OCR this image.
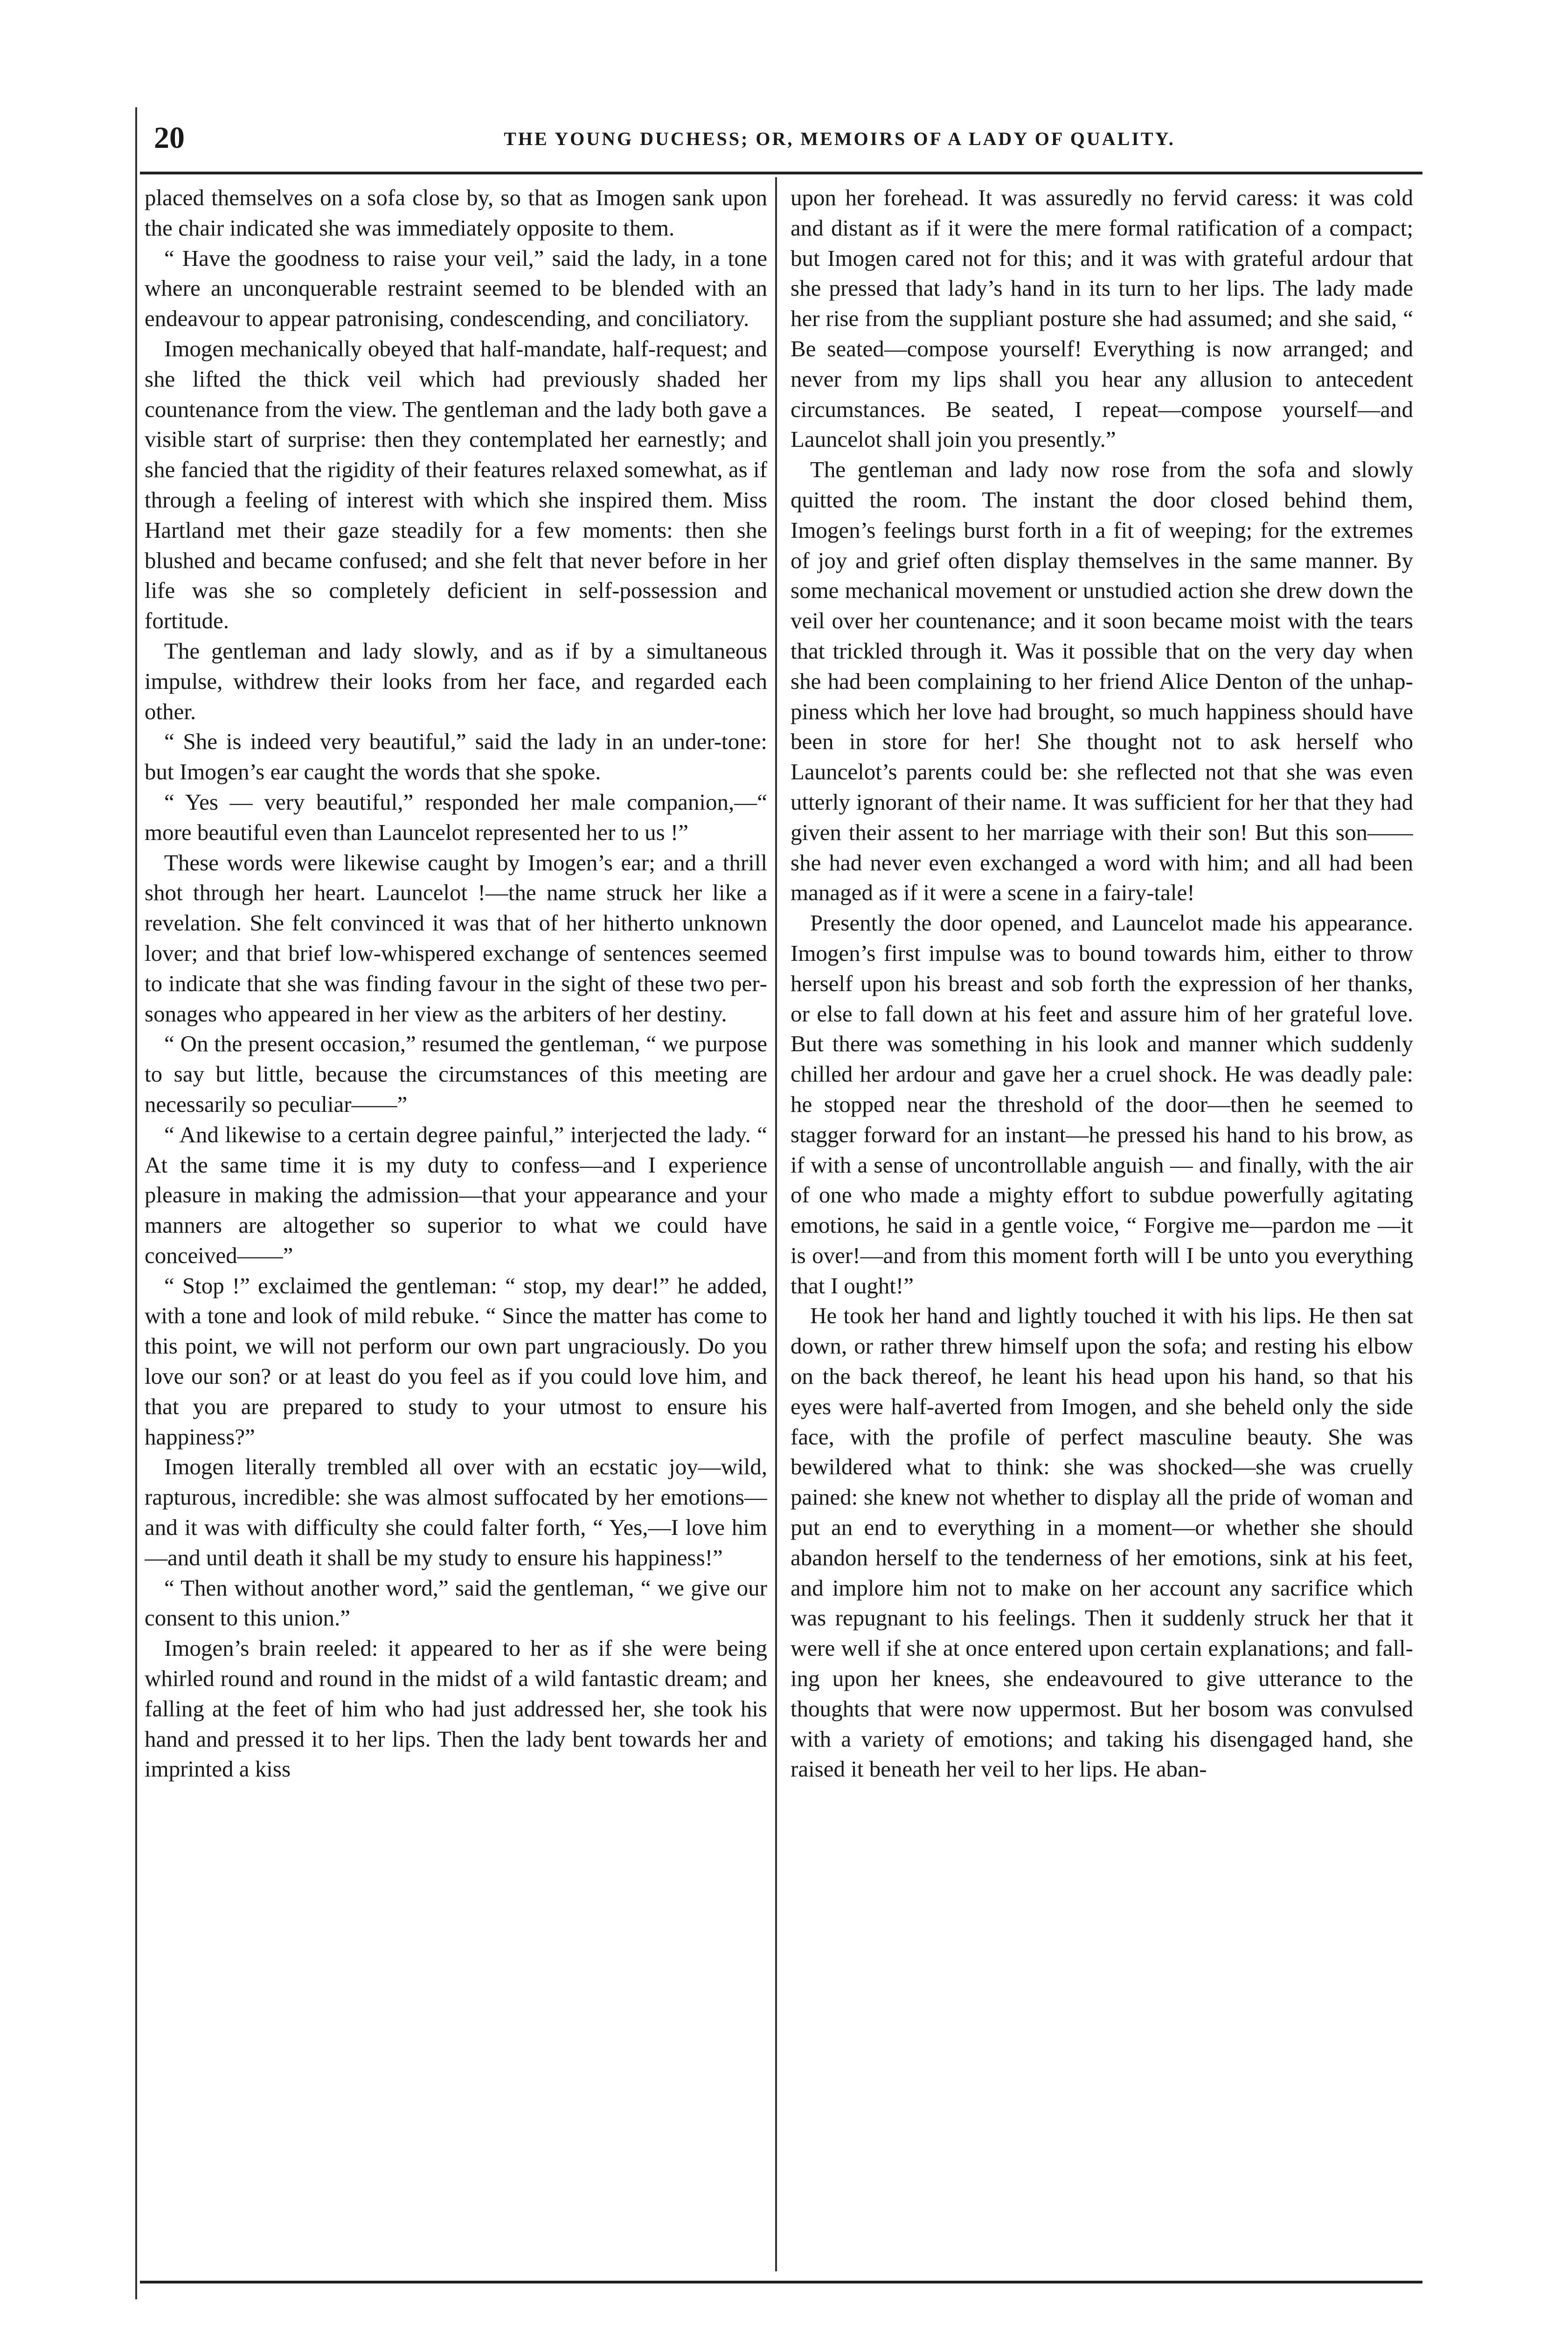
20	THE YOUNG DUCHESS; OR, MEMOIRS OF A LADY OF QUALITY.

placed themselves on a sofa close by, so that as Imogen sank upon the chair indicated she was immediately opposite to them.

“ Have the goodness to raise your veil,” said the lady, in a tone where an unconquerable restraint seemed to be blended with an endeavour to appear patronising, condescending, and conciliatory.

Imogen mechanically obeyed that half-mandate, half-request; and she lifted the thick veil which had previously shaded her countenance from the view. The gentleman and the lady both gave a visible start of surprise: then they contemplated her earnestly; and she fancied that the rigidity of their features relaxed somewhat, as if through a feeling of interest with which she inspired them. Miss Hartland met their gaze steadily for a few moments: then she blushed and became confused; and she felt that never before in her life was she so completely deficient in self-possession and fortitude.

The gentleman and lady slowly, and as if by a simultaneous impulse, withdrew their looks from her face, and regarded each other.

“ She is indeed very beautiful,” said the lady in an under-tone: but Imogen’s ear caught the words that she spoke.

“ Yes — very beautiful,” responded her male companion,—“ more beautiful even than Launcelot represented her to us !”

These words were likewise caught by Imogen’s ear; and a thrill shot through her heart. Launcelot !—the name struck her like a revelation. She felt convinced it was that of her hitherto unknown lover; and that brief low-whispered exchange of sentences seemed to indicate that she was finding favour in the sight of these two personages who appeared in her view as the arbiters of her destiny.

“ On the present occasion,” resumed the gentleman, “ we purpose to say but little, because the circumstances of this meeting are necessarily so peculiar——”

“ And likewise to a certain degree painful,” interjected the lady. “ At the same time it is my duty to confess—and I experience pleasure in making the admission—that your appearance and your manners are altogether so superior to what we could have conceived——”

“ Stop !” exclaimed the gentleman: “ stop, my dear!” he added, with a tone and look of mild rebuke. “ Since the matter has come to this point, we will not perform our own part ungraciously. Do you love our son? or at least do you feel as if you could love him, and that you are prepared to study to your utmost to ensure his happiness?”

Imogen literally trembled all over with an ecstatic joy—wild, rapturous, incredible: she was almost suffocated by her emotions—and it was with difficulty she could falter forth, “ Yes,—I love him—and until death it shall be my study to ensure his happiness!”

“ Then without another word,” said the gentleman, “ we give our consent to this union.”

Imogen’s brain reeled: it appeared to her as if she were being whirled round and round in the midst of a wild fantastic dream; and falling at the feet of him who had just addressed her, she took his hand and pressed it to her lips. Then the lady bent towards her and imprinted a kiss

upon her forehead. It was assuredly no fervid caress: it was cold and distant as if it were the mere formal ratification of a compact; but Imogen cared not for this; and it was with grateful ardour that she pressed that lady’s hand in its turn to her lips. The lady made her rise from the suppliant posture she had assumed; and she said, “ Be seated—compose yourself! Everything is now arranged; and never from my lips shall you hear any allusion to antecedent circumstances. Be seated, I repeat—compose yourself—and Launcelot shall join you presently.”

The gentleman and lady now rose from the sofa and slowly quitted the room. The instant the door closed behind them, Imogen’s feelings burst forth in a fit of weeping; for the extremes of joy and grief often display themselves in the same manner. By some mechanical movement or unstudied action she drew down the veil over her countenance; and it soon became moist with the tears that trickled through it. Was it possible that on the very day when she had been complaining to her friend Alice Denton of the unhappiness which her love had brought, so much happiness should have been in store for her! She thought not to ask herself who Launcelot’s parents could be: she reflected not that she was even utterly ignorant of their name. It was sufficient for her that they had given their assent to her marriage with their son! But this son——she had never even exchanged a word with him; and all had been managed as if it were a scene in a fairy-tale!

Presently the door opened, and Launcelot made his appearance. Imogen’s first impulse was to bound towards him, either to throw herself upon his breast and sob forth the expression of her thanks, or else to fall down at his feet and assure him of her grateful love. But there was something in his look and manner which suddenly chilled her ardour and gave her a cruel shock. He was deadly pale: he stopped near the threshold of the door—then he seemed to stagger forward for an instant—he pressed his hand to his brow, as if with a sense of uncontrollable anguish — and finally, with the air of one who made a mighty effort to subdue powerfully agitating emotions, he said in a gentle voice, “ Forgive me—pardon me —it is over!—and from this moment forth will I be unto you everything that I ought!”

He took her hand and lightly touched it with his lips. He then sat down, or rather threw himself upon the sofa; and resting his elbow on the back thereof, he leant his head upon his hand, so that his eyes were half-averted from Imogen, and she beheld only the side face, with the profile of perfect masculine beauty. She was bewildered what to think: she was shocked—she was cruelly pained: she knew not whether to display all the pride of woman and put an end to everything in a moment—or whether she should abandon herself to the tenderness of her emotions, sink at his feet, and implore him not to make on her account any sacrifice which was repugnant to his feelings. Then it suddenly struck her that it were well if she at once entered upon certain explanations; and falling upon her knees, she endeavoured to give utterance to the thoughts that were now uppermost. But her bosom was convulsed with a variety of emotions; and taking his disengaged hand, she raised it beneath her veil to her lips. He aban-
